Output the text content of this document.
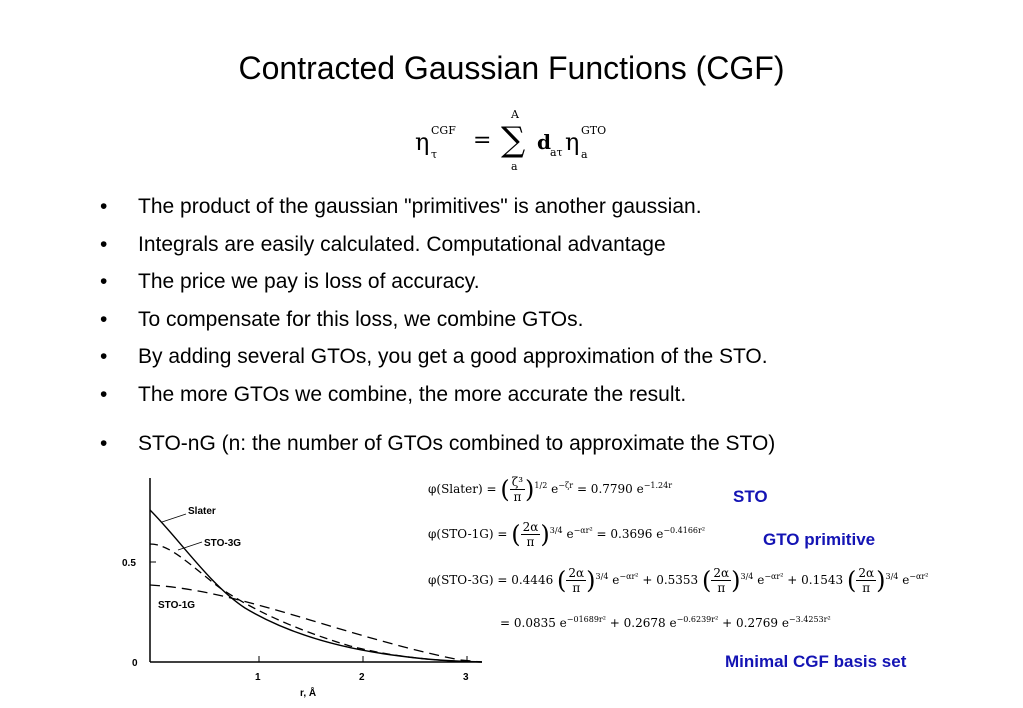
Contracted Gaussian Functions (CGF)
η CGF
τ
=
A
∑
a
d aτ η GTO
a
• The product of the gaussian "primitives" is another gaussian.
• Integrals are easily calculated. Computational advantage
• The price we pay is loss of accuracy.
• To compensate for this loss, we combine GTOs.
• By adding several GTOs, you get a good approximation of the STO.
• The more GTOs we combine, the more accurate the result.
• STO-nG (n: the number of GTOs combined to approximate the STO)
0.5
0
1	2	3
r, Å
Slater
STO-3G
STO-1G
φ(Slater) = ( $\frac{\text{ζ³}}{\pi} )^{1/2}$ $e^{-\zeta r} = 0.7790$ $e^{-1.24r}$
φ(STO-1G) = ( $\frac{2\alpha}{\pi} )^{3/4}$ $e^{-\alpha r^2} = 0.3696$ $e^{-0.4166r^2}$
φ(STO-3G) = 0.4446 ( $\frac{2\alpha}{\pi} )^{3/4}$ $e^{-\alpha r^2} + 0.5353$ ( $\frac{2\alpha}{\pi} )^{3/4}$ $e^{-\alpha r^2} + 0.1543$ ( $\frac{2\alpha}{\pi} )^{3/4}$ $e^{-\alpha r^2}$
= 0.0835 $e^{-01689r^2} + 0.2678$ $e^{-0.6239r^2} + 0.2769$ $e^{-3.4253r^2}$
STO
GTO primitive
Minimal CGF basis set
